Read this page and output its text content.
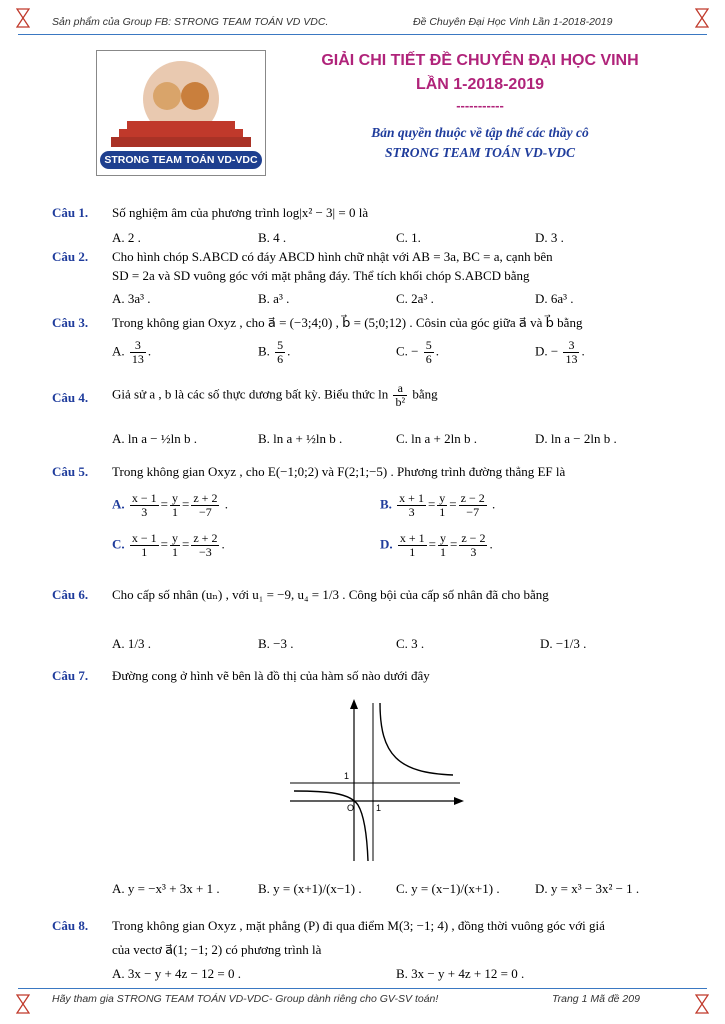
Sản phẩm của Group FB: STRONG TEAM TOÁN VD VDC.	Đề Chuyên Đại Học Vinh Lần 1-2018-2019
STRONG TEAM TOÁN VD-VDC
GIẢI CHI TIẾT ĐỀ CHUYÊN ĐẠI HỌC VINH
LẦN 1-2018-2019
-----------
Bản quyền thuộc về tập thể các thầy cô
STRONG TEAM TOÁN VD-VDC
Câu 1. Số nghiệm âm của phương trình log|x² − 3| = 0 là
A. 2 .	B. 4 .	C. 1.	D. 3 .
Câu 2. Cho hình chóp S.ABCD có đáy ABCD hình chữ nhật với AB = 3a, BC = a, cạnh bên
SD = 2a và SD vuông góc với mặt phẳng đáy. Thể tích khối chóp S.ABCD bằng
A. 3a³ .	B. a³ .	C. 2a³ .	D. 6a³ .
Câu 3. Trong không gian Oxyz , cho a⃗ = (−3;4;0) , b⃗ = (5;0;12) . Côsin của góc giữa a⃗ và b⃗ bằng
A. $\frac{3}{13}$ .	B. $\frac{5}{6}$ .	C. − $\frac{5}{6}$ .	D. − $\frac{3}{13}$ .
Câu 4. Giả sử a , b là các số thực dương bất kỳ. Biểu thức $\ln \frac{a}{\text{b²}}$ bằng
A. ln a − ½ln b .	B. ln a + ½ln b .	C. ln a + 2ln b .	D. ln a − 2ln b .
Câu 5. Trong không gian Oxyz , cho E(−1;0;2) và F(2;1;−5) . Phương trình đường thẳng EF là
A. $\frac{x - 1}{3} = \frac{y}{1} = \frac{z + 2}{-7}$ .	B. $\frac{x + 1}{3} = \frac{y}{1} = \frac{z - 2}{-7}$ .
C. $\frac{x - 1}{1} = \frac{y}{1} = \frac{z + 2}{-3}$ .	D. $\frac{x + 1}{1} = \frac{y}{1} = \frac{z - 2}{3}$ .
Câu 6. Cho cấp số nhân (uₙ) , với u₁ = −9, u₄ = 1/3 . Công bội của cấp số nhân đã cho bằng
A. 1/3 .	B. −3 .	C. 3 .	D. −1/3 .
Câu 7. Đường cong ở hình vẽ bên là đồ thị của hàm số nào dưới đây
1
O 1
A. y = −x³ + 3x + 1 .	B. y = (x+1)/(x−1) .	C. y = (x−1)/(x+1) .	D. y = x³ − 3x² − 1 .
Câu 8. Trong không gian Oxyz , mặt phẳng (P) đi qua điểm M(3; −1; 4) , đồng thời vuông góc với giá
của vectơ a⃗(1; −1; 2) có phương trình là
A. 3x − y + 4z − 12 = 0 .	B. 3x − y + 4z + 12 = 0 .
Hãy tham gia STRONG TEAM TOÁN VD-VDC- Group dành riêng cho GV-SV toán!	Trang 1 Mã đề 209
